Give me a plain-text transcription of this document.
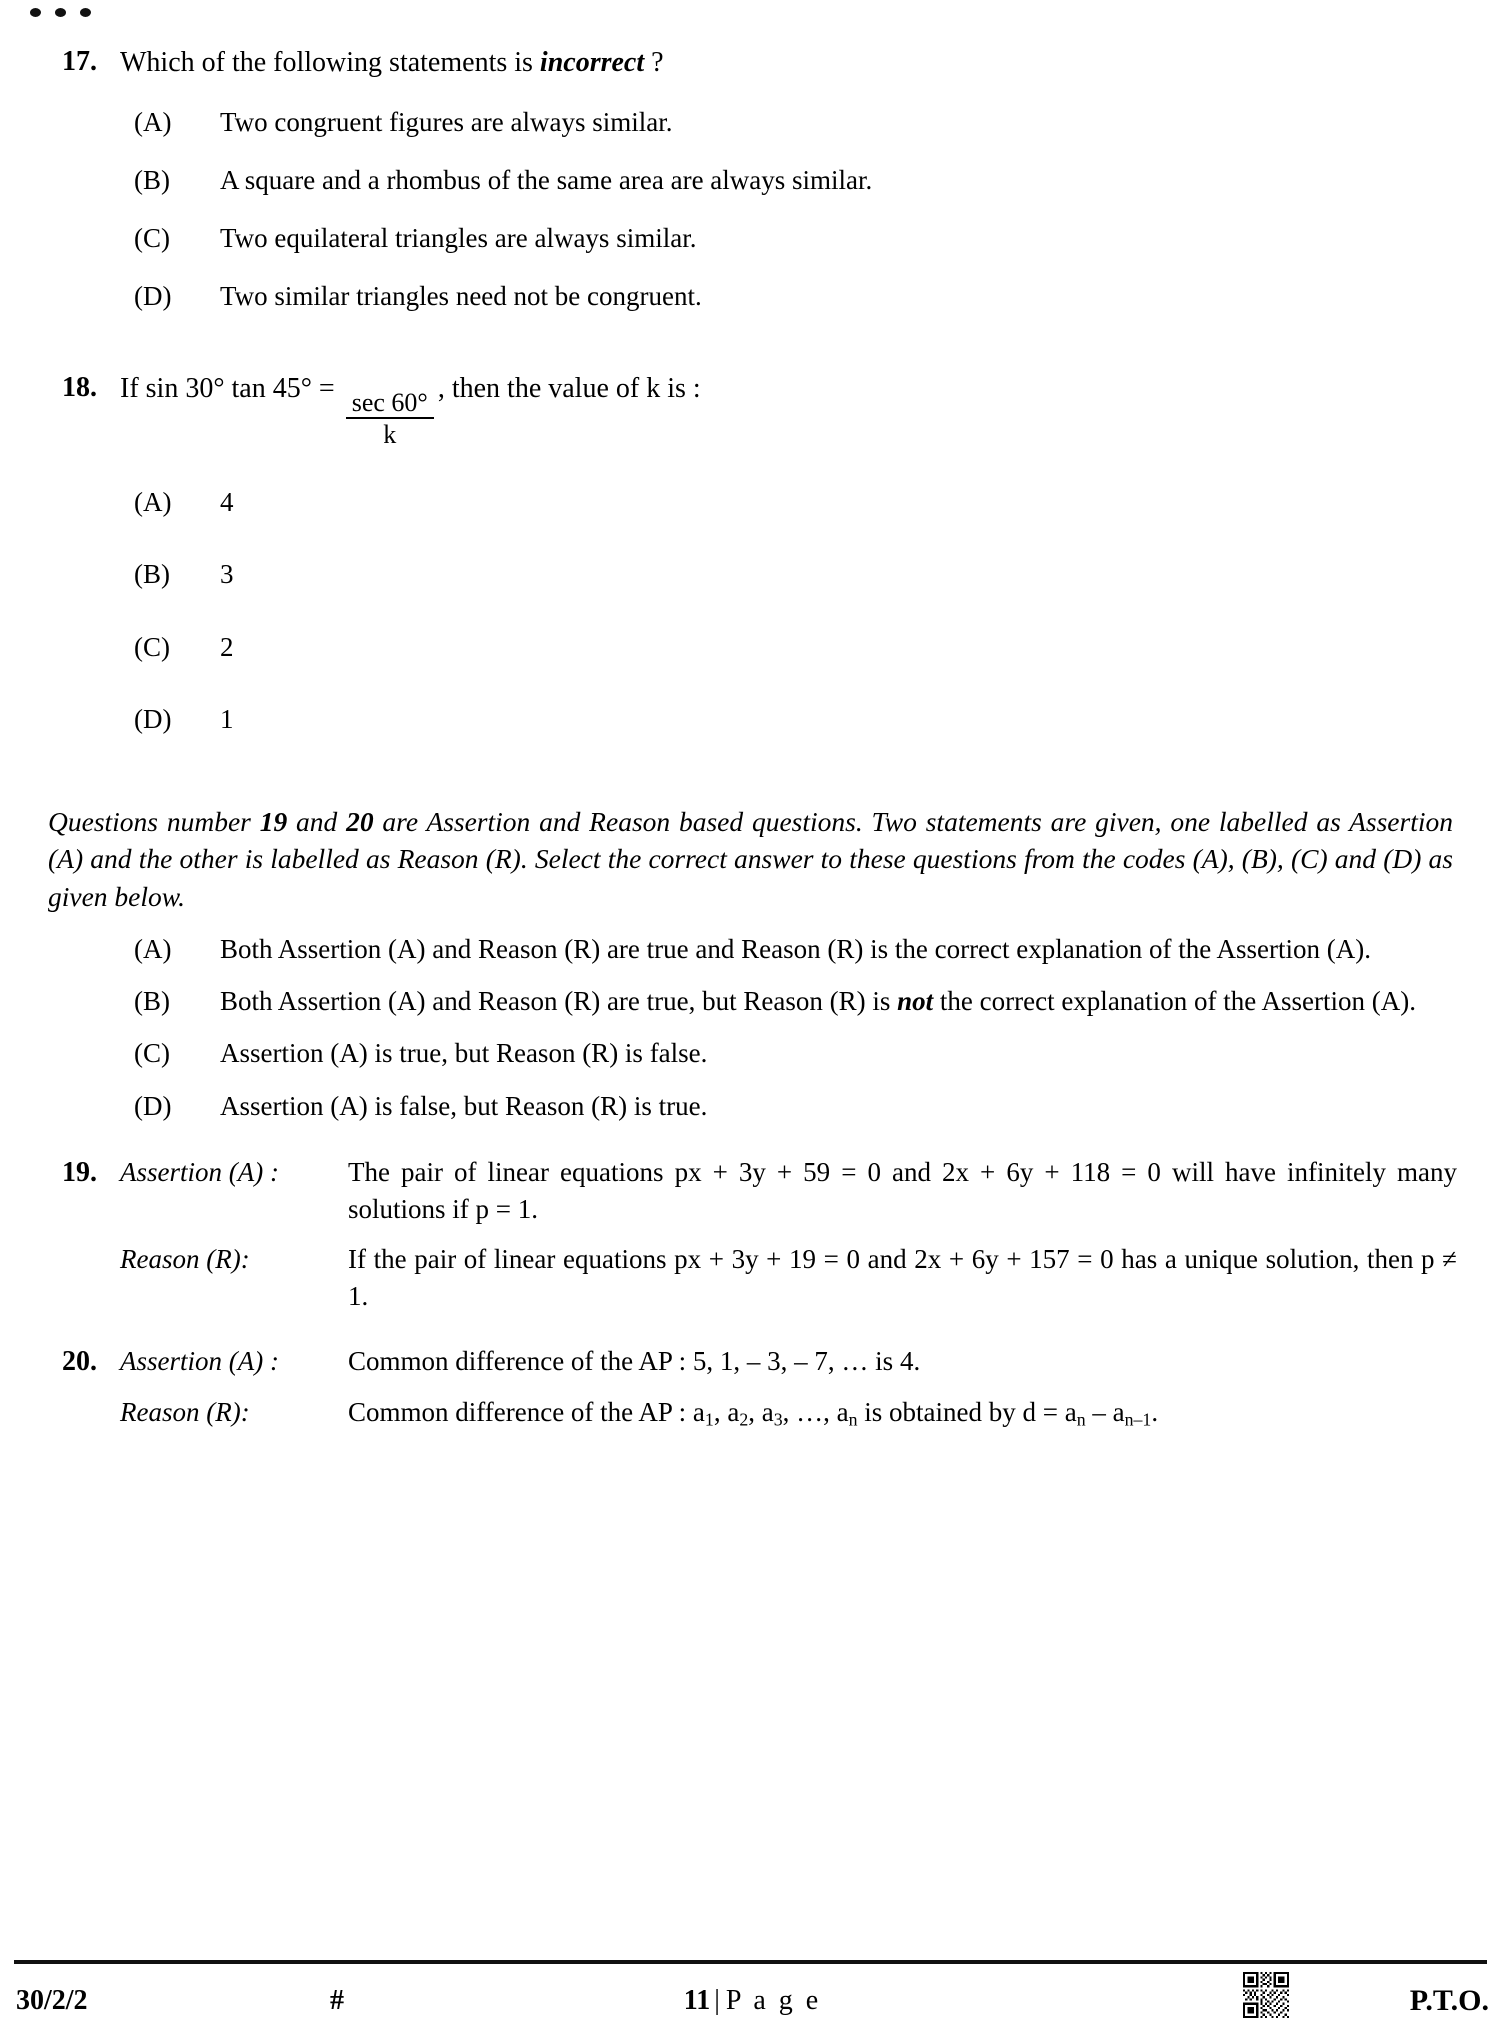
17. Which of the following statements is incorrect ?
(A)	Two congruent figures are always similar.
(B)	A square and a rhombus of the same area are always similar.
(C)	Two equilateral triangles are always similar.
(D)	Two similar triangles need not be congruent.
18. If sin 30° $\tan 45^\circ = \frac{\sec 60^\circ}{k}$ , then the value of k is :
(A)	4
(B)	3
(C)	2
(D)	1
Questions number 19 and 20 are Assertion and Reason based questions. Two statements are given, one labelled as Assertion (A) and the other is labelled as Reason (R). Select the correct answer to these questions from the codes (A), (B), (C) and (D) as given below.
(A)	Both Assertion (A) and Reason (R) are true and Reason (R) is the correct explanation of the Assertion (A).
(B)	Both Assertion (A) and Reason (R) are true, but Reason (R) is not the correct explanation of the Assertion (A).
(C)	Assertion (A) is true, but Reason (R) is false.
(D)	Assertion (A) is false, but Reason (R) is true.
19. Assertion (A) :	The pair of linear equations px + 3y + 59 = 0 and 2x + 6y + 118 = 0 will have infinitely many solutions if p = 1.
Reason (R):	If the pair of linear equations px + 3y + 19 = 0 and 2x + 6y + 157 = 0 has a unique solution, then p ≠ 1.
20. Assertion (A) :	Common difference of the AP : 5, 1, – 3, – 7, … is 4.
Reason (R):	Common difference of the AP : $a_1$, $a_2$, $a_3$, …, $a_n$ is obtained by $d = a_n - a_{n-1}$.
30/2/2	#	11 | P a g e	P.T.O.
